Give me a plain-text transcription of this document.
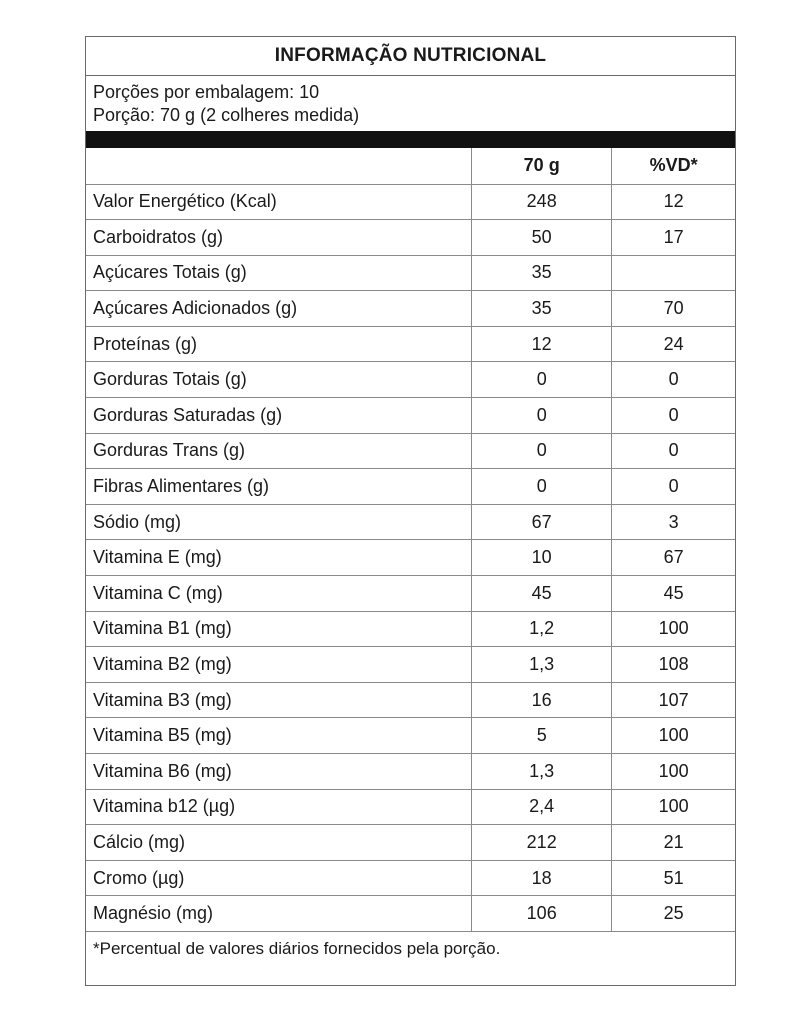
INFORMAÇÃO NUTRICIONAL
Porções por embalagem: 10
Porção: 70 g (2 colheres medida)
	70 g	%VD*
Valor Energético (Kcal)	248	12
Carboidratos (g)	50	17
Açúcares Totais (g)	35	
Açúcares Adicionados (g)	35	70
Proteínas (g)	12	24
Gorduras Totais (g)	0	0
Gorduras Saturadas (g)	0	0
Gorduras Trans (g)	0	0
Fibras Alimentares (g)	0	0
Sódio (mg)	67	3
Vitamina E (mg)	10	67
Vitamina C (mg)	45	45
Vitamina B1 (mg)	1,2	100
Vitamina B2 (mg)	1,3	108
Vitamina B3 (mg)	16	107
Vitamina B5 (mg)	5	100
Vitamina B6 (mg)	1,3	100
Vitamina b12 (µg)	2,4	100
Cálcio (mg)	212	21
Cromo (µg)	18	51
Magnésio (mg)	106	25
*Percentual de valores diários fornecidos pela porção.
